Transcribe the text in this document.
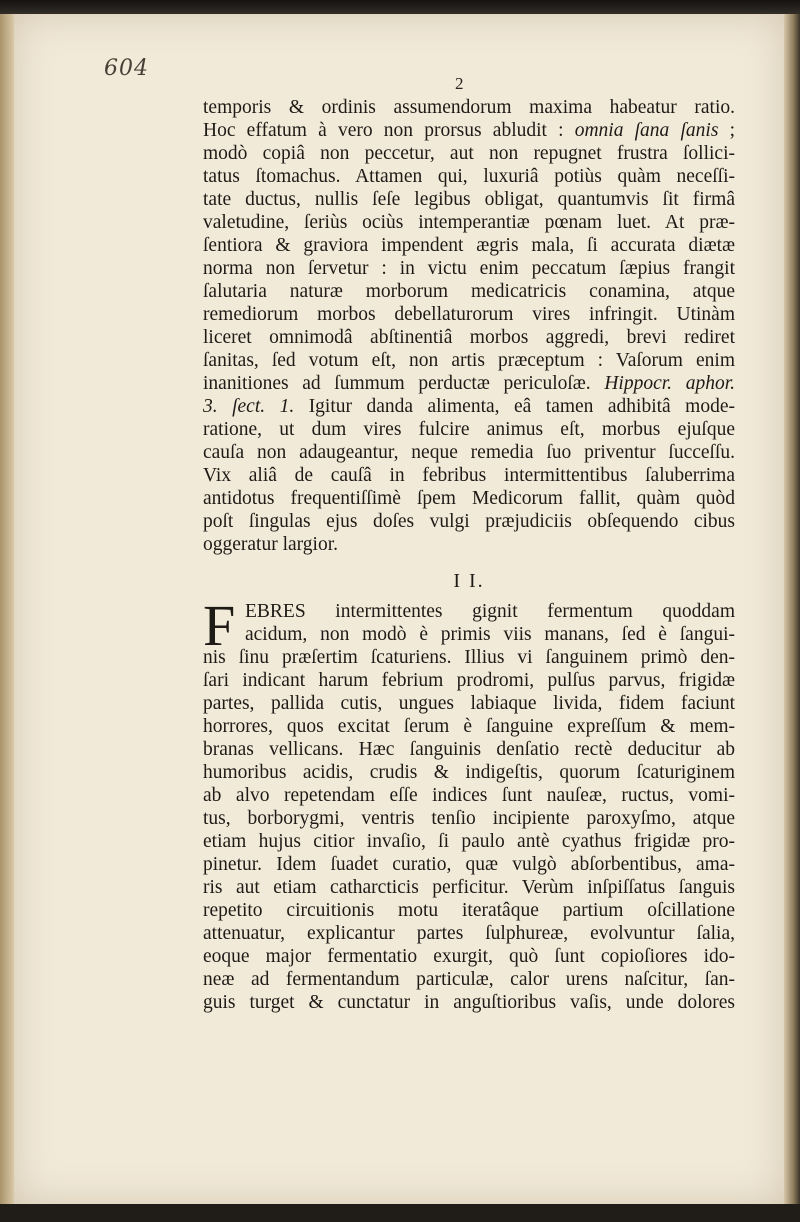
604
2
temporis & ordinis assumendorum maxima habeatur ratio.
Hoc effatum à vero non prorsus abludit : omnia ſana ſanis ;
modò copiâ non peccetur, aut non repugnet frustra ſollici-
tatus ſtomachus. Attamen qui, luxuriâ potiùs quàm neceſſi-
tate ductus, nullis ſeſe legibus obligat, quantumvis ſit firmâ
valetudine, ſeriùs ociùs intemperantiæ pœnam luet. At præ-
ſentiora & graviora impendent ægris mala, ſi accurata diætæ
norma non ſervetur : in victu enim peccatum ſæpius frangit
ſalutaria naturæ morborum medicatricis conamina, atque
remediorum morbos debellaturorum vires infringit. Utinàm
liceret omnimodâ abſtinentiâ morbos aggredi, brevi rediret
ſanitas, ſed votum eſt, non artis præceptum : Vaſorum enim
inanitiones ad ſummum perductæ periculoſæ. Hippocr. aphor.
3. ſect. 1. Igitur danda alimenta, eâ tamen adhibitâ mode-
ratione, ut dum vires fulcire animus eſt, morbus ejuſque
cauſa non adaugeantur, neque remedia ſuo priventur ſucceſſu.
Vix aliâ de cauſâ in febribus intermittentibus ſaluberrima
antidotus frequentiſſimè ſpem Medicorum fallit, quàm quòd
poſt ſingulas ejus doſes vulgi præjudiciis obſequendo cibus
oggeratur largior.
I I.
F EBRES intermittentes gignit fermentum quoddam
acidum, non modò è primis viis manans, ſed è ſangui-
nis ſinu præſertim ſcaturiens. Illius vi ſanguinem primò den-
ſari indicant harum febrium prodromi, pulſus parvus, frigidæ
partes, pallida cutis, ungues labiaque livida, fidem faciunt
horrores, quos excitat ſerum è ſanguine expreſſum & mem-
branas vellicans. Hæc ſanguinis denſatio rectè deducitur ab
humoribus acidis, crudis & indigeſtis, quorum ſcaturiginem
ab alvo repetendam eſſe indices ſunt nauſeæ, ructus, vomi-
tus, borborygmi, ventris tenſio incipiente paroxyſmo, atque
etiam hujus citior invaſio, ſi paulo antè cyathus frigidæ pro-
pinetur. Idem ſuadet curatio, quæ vulgò abſorbentibus, ama-
ris aut etiam catharcticis perficitur. Verùm inſpiſſatus ſanguis
repetito circuitionis motu iteratâque partium oſcillatione
attenuatur, explicantur partes ſulphureæ, evolvuntur ſalia,
eoque major fermentatio exurgit, quò ſunt copioſiores ido-
neæ ad fermentandum particulæ, calor urens naſcitur, ſan-
guis turget & cunctatur in anguſtioribus vaſis, unde dolores
